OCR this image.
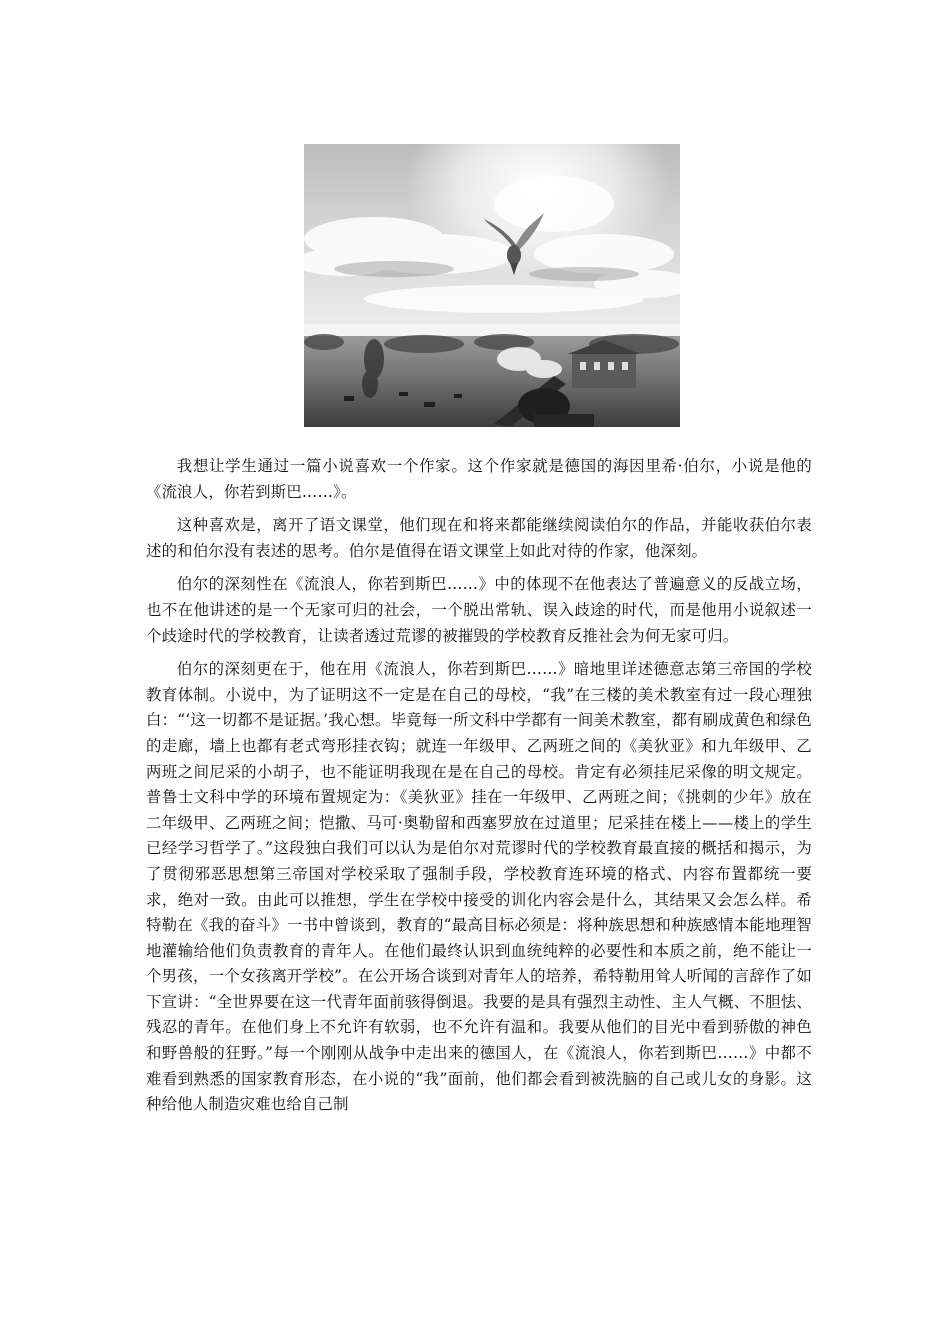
我想让学生通过一篇小说喜欢一个作家。这个作家就是德国的海因里希·伯尔，小说是他的《流浪人，你若到斯巴……》。

这种喜欢是，离开了语文课堂，他们现在和将来都能继续阅读伯尔的作品，并能收获伯尔表述的和伯尔没有表述的思考。伯尔是值得在语文课堂上如此对待的作家，他深刻。

伯尔的深刻性在《流浪人，你若到斯巴……》中的体现不在他表达了普遍意义的反战立场，也不在他讲述的是一个无家可归的社会，一个脱出常轨、误入歧途的时代，而是他用小说叙述一个歧途时代的学校教育，让读者透过荒谬的被摧毁的学校教育反推社会为何无家可归。

伯尔的深刻更在于，他在用《流浪人，你若到斯巴……》暗地里详述德意志第三帝国的学校教育体制。小说中，为了证明这不一定是在自己的母校，“我”在三楼的美术教室有过一段心理独白：“‘这一切都不是证据。’我心想。毕竟每一所文科中学都有一间美术教室，都有刷成黄色和绿色的走廊，墙上也都有老式弯形挂衣钩；就连一年级甲、乙两班之间的《美狄亚》和九年级甲、乙两班之间尼采的小胡子，也不能证明我现在是在自己的母校。肯定有必须挂尼采像的明文规定。普鲁士文科中学的环境布置规定为：《美狄亚》挂在一年级甲、乙两班之间；《挑刺的少年》放在二年级甲、乙两班之间；恺撒、马可·奥勒留和西塞罗放在过道里；尼采挂在楼上——楼上的学生已经学习哲学了。”这段独白我们可以认为是伯尔对荒谬时代的学校教育最直接的概括和揭示，为了贯彻邪恶思想第三帝国对学校采取了强制手段，学校教育连环境的格式、内容布置都统一要求，绝对一致。由此可以推想，学生在学校中接受的训化内容会是什么，其结果又会怎么样。希特勒在《我的奋斗》一书中曾谈到，教育的“最高目标必须是：将种族思想和种族感情本能地理智地灌输给他们负责教育的青年人。在他们最终认识到血统纯粹的必要性和本质之前，绝不能让一个男孩，一个女孩离开学校”。在公开场合谈到对青年人的培养，希特勒用耸人听闻的言辞作了如下宣讲：“全世界要在这一代青年面前骇得倒退。我要的是具有强烈主动性、主人气概、不胆怯、残忍的青年。在他们身上不允许有软弱，也不允许有温和。我要从他们的目光中看到骄傲的神色和野兽般的狂野。”每一个刚刚从战争中走出来的德国人，在《流浪人，你若到斯巴……》中都不难看到熟悉的国家教育形态，在小说的“我”面前，他们都会看到被洗脑的自己或儿女的身影。这种给他人制造灾难也给自己制
